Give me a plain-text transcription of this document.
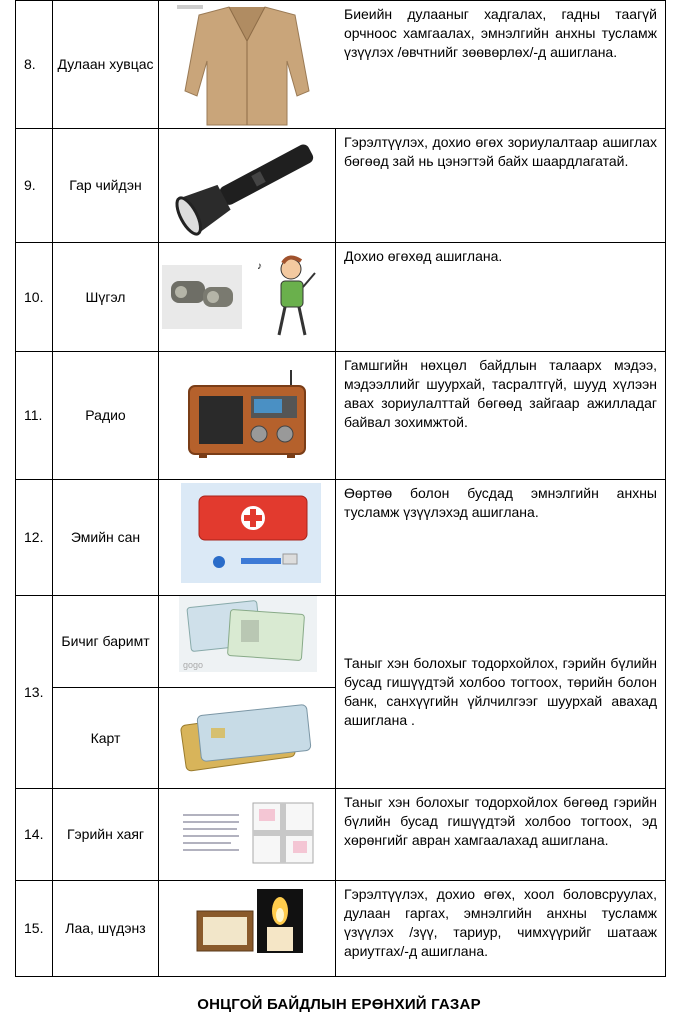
8.	Дулаан хувцас		Биеийн дулааныг хадгалах, гадны таагүй орчноос хамгаалах, эмнэлгийн анхны тусламж үзүүлэх /өвчтнийг зөөвөрлөх/-д ашиглана.
9.	Гар чийдэн		Гэрэлтүүлэх, дохио өгөх зориулалтаар ашиглах бөгөөд зай нь цэнэгтэй байх шаардлагатай.
10.	Шүгэл	♪	Дохио өгөхөд ашиглана.
11.	Радио		Гамшгийн нөхцөл байдлын талаарх мэдээ, мэдээллийг шуурхай, тасралтгүй, шууд хүлээн авах зориулалттай бөгөөд зайгаар ажилладаг байвал зохимжтой.
12.	Эмийн сан		Өөртөө болон бусдад эмнэлгийн анхны тусламж үзүүлэхэд ашиглана.
13.	Бичиг баримт	gogo	Таныг хэн болохыг тодорхойлох, гэрийн бүлийн бусад гишүүдтэй холбоо тогтоох, төрийн болон банк, санхүүгийн үйлчилгээг шуурхай авахад ашиглана .
	Карт	

14.	Гэрийн хаяг		Таныг хэн болохыг тодорхойлох бөгөөд гэрийн бүлийн бусад гишүүдтэй холбоо тогтоох, эд хөрөнгийг авран хамгаалахад ашиглана.
15.	Лаа, шүдэнз		Гэрэлтүүлэх, дохио өгөх, хоол боловсруулах, дулаан гаргах, эмнэлгийн анхны тусламж үзүүлэх /зүү, тариур, чимхүүрийг шатааж ариутгах/-д ашиглана.
ОНЦГОЙ БАЙДЛЫН ЕРӨНХИЙ ГАЗАР
